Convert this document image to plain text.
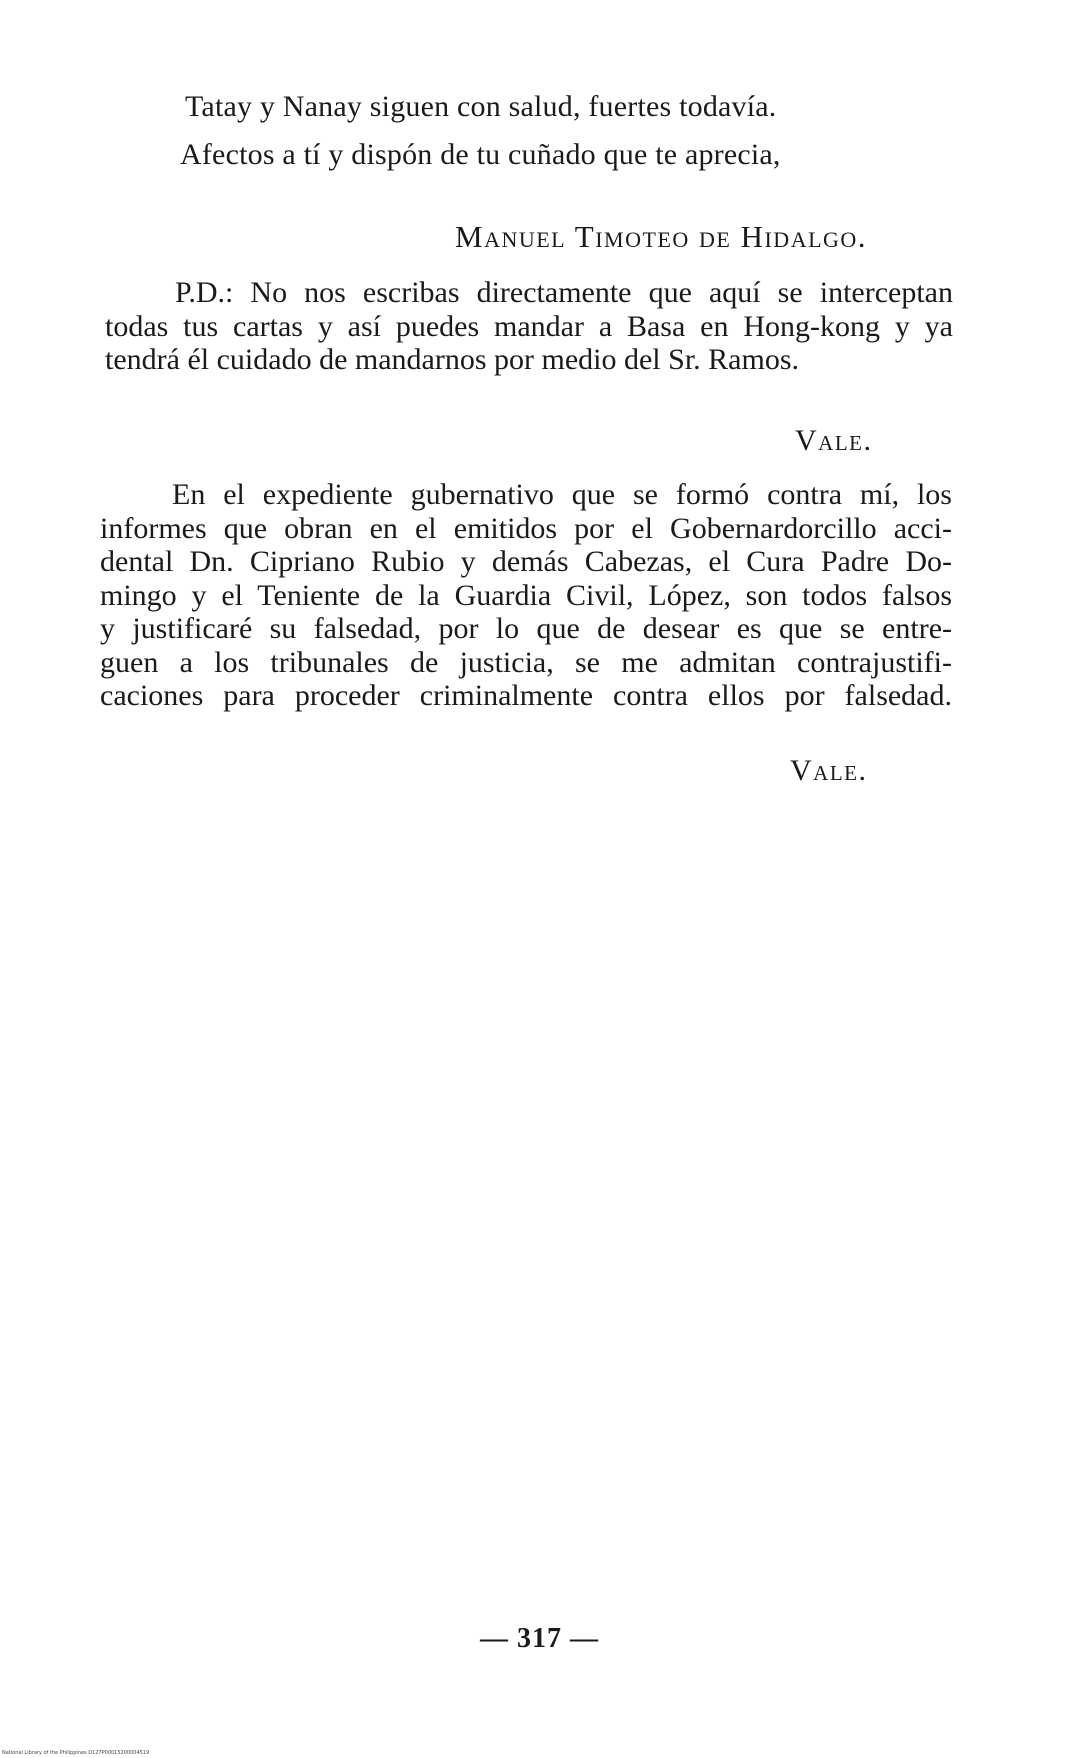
Tatay y Nanay siguen con salud, fuertes todavía.
Afectos a tí y dispón de tu cuñado que te aprecia,
Manuel Timoteo de Hidalgo.
P.D.: No nos escribas directamente que aquí se interceptan
todas tus cartas y así puedes mandar a Basa en Hong-kong y ya
tendrá él cuidado de mandarnos por medio del Sr. Ramos.
Vale.
En el expediente gubernativo que se formó contra mí, los
informes que obran en el emitidos por el Gobernardorcillo acci-
dental Dn. Cipriano Rubio y demás Cabezas, el Cura Padre Do-
mingo y el Teniente de la Guardia Civil, López, son todos falsos
y justificaré su falsedad, por lo que de desear es que se entre-
guen a los tribunales de justicia, se me admitan contrajustifi-
caciones para proceder criminalmente contra ellos por falsedad.
Vale.
— 317 —
National Library of the Philippines D127P00015200004519
